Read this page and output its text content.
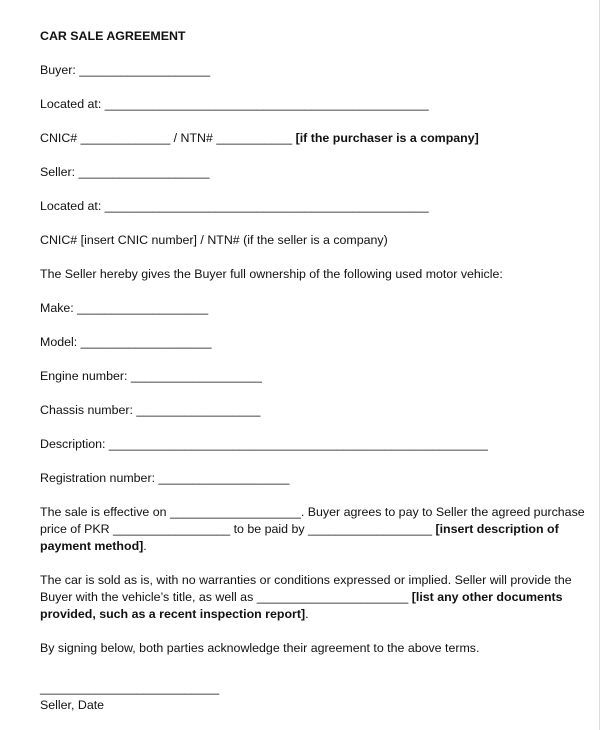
CAR SALE AGREEMENT
Buyer: ___________________
Located at: _______________________________________________
CNIC# _____________ / NTN# ___________ [if the purchaser is a company]
Seller: ___________________
Located at: _______________________________________________
CNIC# [insert CNIC number] / NTN# (if the seller is a company)
The Seller hereby gives the Buyer full ownership of the following used motor vehicle:
Make: ___________________
Model: ___________________
Engine number: ___________________
Chassis number: __________________
Description: _______________________________________________________
Registration number: ___________________
The sale is effective on ___________________. Buyer agrees to pay to Seller the agreed purchase price of PKR _________________ to be paid by __________________ [insert description of payment method].
The car is sold as is, with no warranties or conditions expressed or implied. Seller will provide the Buyer with the vehicle’s title, as well as ______________________ [list any other documents provided, such as a recent inspection report].
By signing below, both parties acknowledge their agreement to the above terms.
__________________________
Seller, Date
